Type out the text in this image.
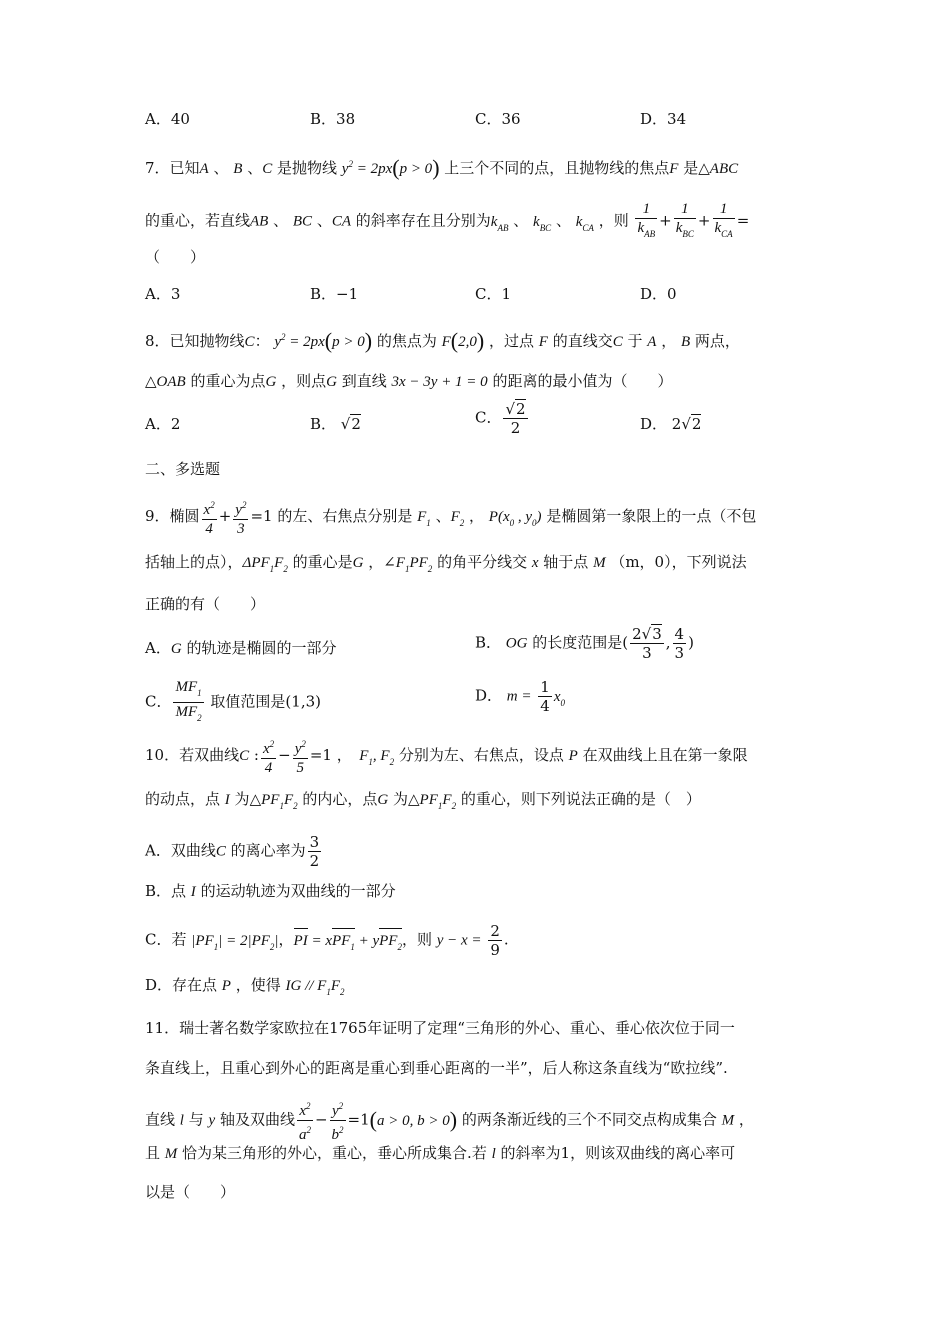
A．40	B．38	C．36	D．34
7．已知A 、 B 、C 是抛物线 $y^2 = 2px(p > 0)$ 上三个不同的点，且抛物线的焦点F 是△ABC
的重心，若直线AB 、 BC 、CA 的斜率存在且分别为$k_{AB}$ 、 $k_{BC}$ 、 $k_{CA}$ ，则 $\frac{1}{k_{AB}} + \frac{1}{k_{BC}} + \frac{1}{k_{CA}}$ =
（　　）
A．3	B．−1	C．1	D．0
8．已知抛物线C： $y^2 = 2px(p > 0)$ 的焦点为 F(2,0) ，过点 F 的直线交C 于 A ， B 两点，
△OAB 的重心为点G ，则点G 到直线 3x − 3y + 1 = 0 的距离的最小值为（　　）
A．2	B． √2	C． $\frac{√2}{2}$	D． 2√2
二、多选题
9．椭圆 $\frac{x^2}{4} + \frac{y^2}{3} =1$ 的左、右焦点分别是 $F_1$ 、$F_2$ ， $P(x_0$ , $y_0$) 是椭圆第一象限上的一点（不包
括轴上的点），$\Delta PF_1F_2$ 的重心是G ，$\angle F_1PF_2$ 的角平分线交 x 轴于点 M （m，0），下列说法
正确的有（　　）
A．G 的轨迹是椭圆的一部分	B． OG 的长度范围是( $\frac{2√3}{3}$ , $\frac{4}{3}$ )
C． $\frac{MF_1}{MF_2}$ 取值范围是(1,3)	D． $m = \frac{1}{4} x_0$
10．若双曲线C : $\frac{x^2}{4} - \frac{y^2}{5} =1$ ，　$F_1$, $F_2$ 分别为左、右焦点，设点 P 在双曲线上且在第一象限
的动点，点 I 为$\triangle PF_1F_2$ 的内心，点G 为$\triangle PF_1F_2$ 的重心，则下列说法正确的是（　）
A．双曲线C 的离心率为 $\frac{3}{2}$
B．点 I 的运动轨迹为双曲线的一部分
C．若 $|PF_1| = 2|PF_2|$，PI = xPF$_1$ + yPF$_2$，则 $y - x = \frac{2}{9}$ .
D．存在点 P ，使得 IG // $F_1F_2$
11．瑞士著名数学家欧拉在1765年证明了定理“三角形的外心、重心、垂心依次位于同一
条直线上，且重心到外心的距离是重心到垂心距离的一半”，后人称这条直线为“欧拉线”.
直线 l 与 y 轴及双曲线 $\frac{x^2}{a^2} - \frac{y^2}{b^2} =1(a > 0$, b > 0) 的两条渐近线的三个不同交点构成集合 M ，
且 M 恰为某三角形的外心，重心，垂心所成集合.若 l 的斜率为1，则该双曲线的离心率可
以是（　　）
